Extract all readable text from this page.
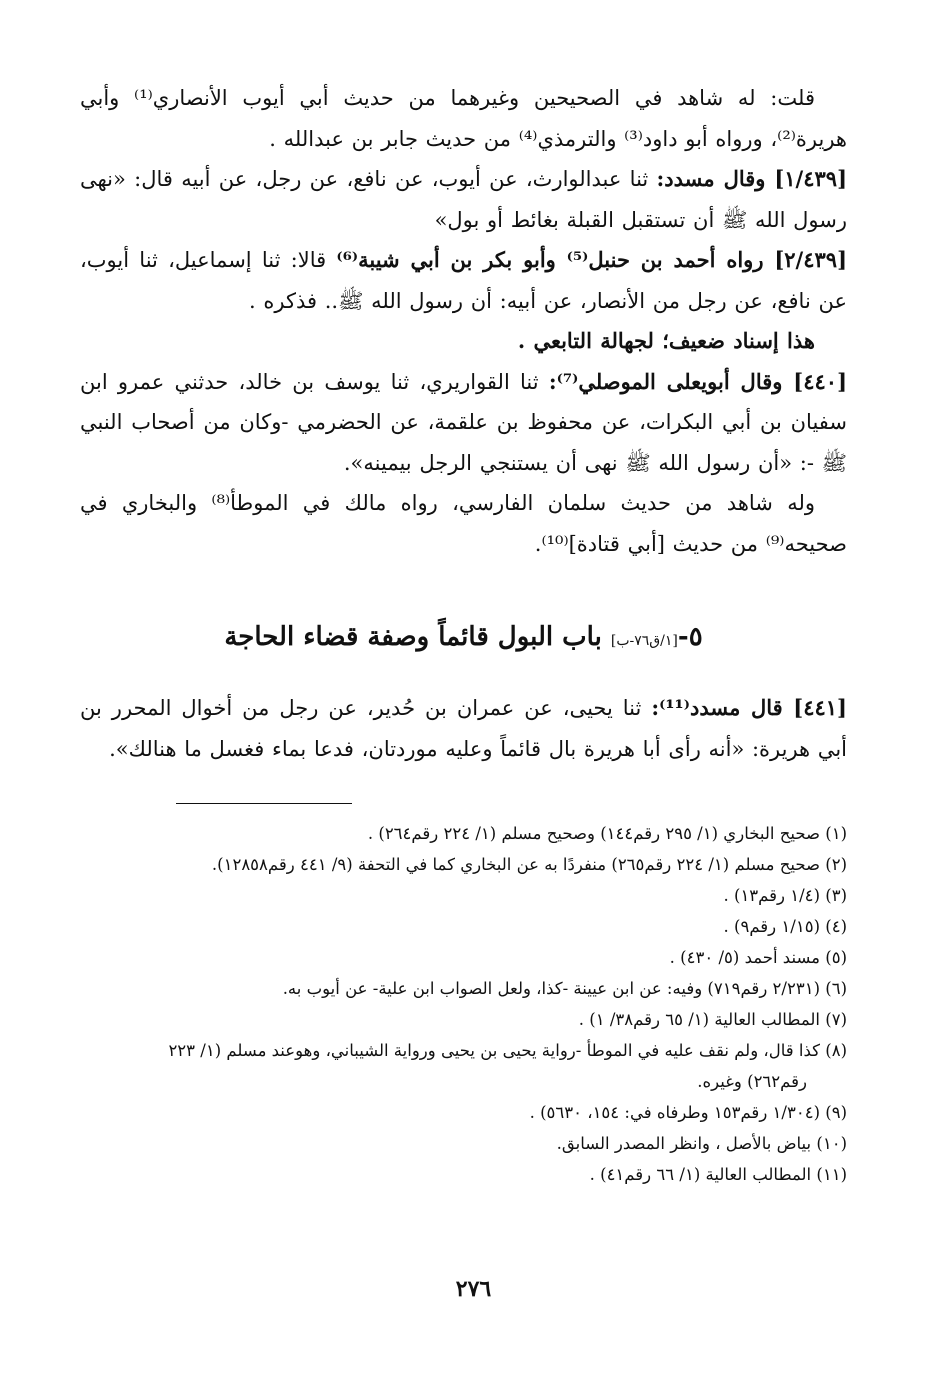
قلت: له شاهد في الصحيحين وغيرهما من حديث أبي أيوب الأنصاري⁽¹⁾ وأبي هريرة⁽²⁾، ورواه أبو داود⁽³⁾ والترمذي⁽⁴⁾ من حديث جابر بن عبدالله .

[١/٤٣٩] وقال مسدد: ثنا عبدالوارث، عن أيوب، عن نافع، عن رجل، عن أبيه قال: «نهى رسول الله ﷺ أن تستقبل القبلة بغائط أو بول»

[٢/٤٣٩] رواه أحمد بن حنبل⁽⁵⁾ وأبو بكر بن أبي شيبة⁽⁶⁾ قالا: ثنا إسماعيل، ثنا أيوب، عن نافع، عن رجل من الأنصار، عن أبيه: أن رسول الله ﷺ.. فذكره .

هذا إسناد ضعيف؛ لجهالة التابعي .

[٤٤٠] وقال أبويعلى الموصلي⁽⁷⁾: ثنا القواريري، ثنا يوسف بن خالد، حدثني عمرو ابن سفيان بن أبي البكرات، عن محفوظ بن علقمة، عن الحضرمي -وكان من أصحاب النبي ﷺ -: «أن رسول الله ﷺ نهى أن يستنجي الرجل بيمينه».

وله شاهد من حديث سلمان الفارسي، رواه مالك في الموطأ⁽⁸⁾ والبخاري في صحيحه⁽⁹⁾ من حديث [أبي قتادة]⁽¹⁰⁾.

٥-[١/ق٧٦-ب] باب البول قائماً وصفة قضاء الحاجة

[٤٤١] قال مسدد⁽¹¹⁾: ثنا يحيى، عن عمران بن حُدير، عن رجل من أخوال المحرر بن أبي هريرة: «أنه رأى أبا هريرة بال قائماً وعليه موردتان، فدعا بماء فغسل ما هنالك».

(١) صحيح البخاري (١/ ٢٩٥ رقم١٤٤) وصحيح مسلم (١/ ٢٢٤ رقم٢٦٤) .
(٢) صحيح مسلم (١/ ٢٢٤ رقم٢٦٥) منفردًا به عن البخاري كما في التحفة (٩/ ٤٤١ رقم١٢٨٥٨).
(٣) (١/٤ رقم١٣) .
(٤) (١/١٥ رقم٩) .
(٥) مسند أحمد (٥/ ٤٣٠) .
(٦) (٢/٢٣١ رقم٧١٩) وفيه: عن ابن عيينة -كذا، ولعل الصواب ابن علية- عن أيوب به.
(٧) المطالب العالية (١/ ٦٥ رقم٣٨/ ١) .
(٨) كذا قال، ولم نقف عليه في الموطأ -رواية يحيى بن يحيى ورواية الشيباني، وهوعند مسلم (١/ ٢٢٣
رقم٢٦٢) وغيره.
(٩) (١/٣٠٤ رقم١٥٣ وطرفاه في: ١٥٤، ٥٦٣٠) .
(١٠) بياض بالأصل ، وانظر المصدر السابق.
(١١) المطالب العالية (١/ ٦٦ رقم٤١) .
٢٧٦
